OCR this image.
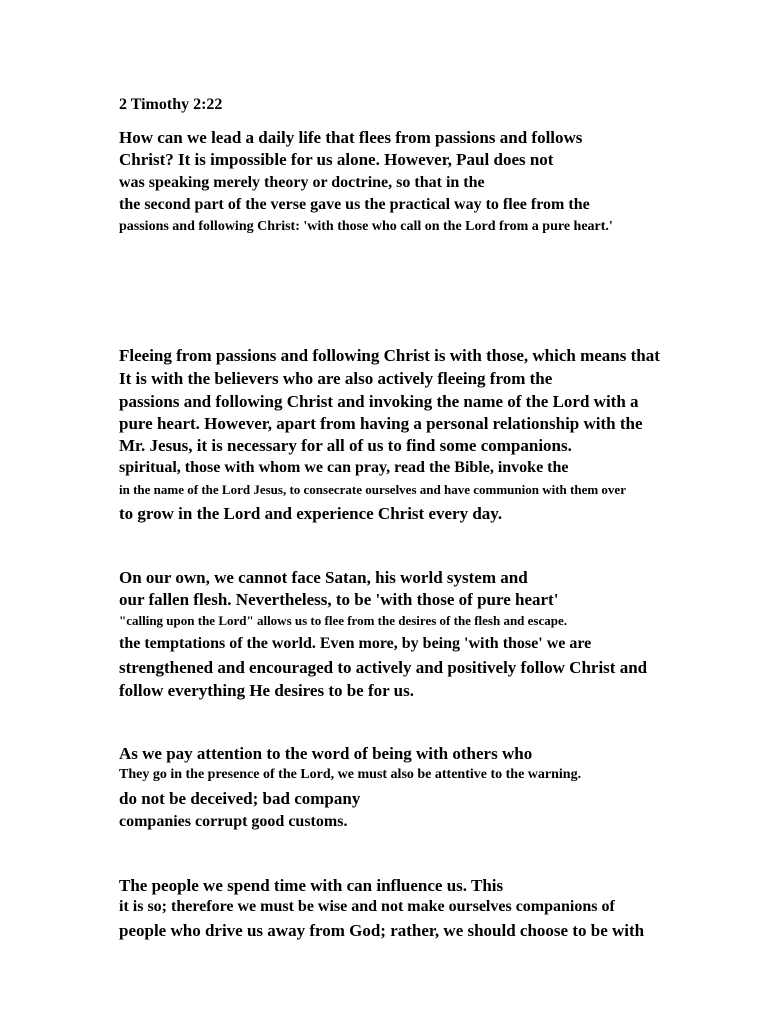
2 Timothy 2:22
How can we lead a daily life that flees from passions and follows
Christ? It is impossible for us alone. However, Paul does not
was speaking merely theory or doctrine, so that in the
the second part of the verse gave us the practical way to flee from the
passions and following Christ: 'with those who call on the Lord from a pure heart.'
Fleeing from passions and following Christ is with those, which means that
It is with the believers who are also actively fleeing from the
passions and following Christ and invoking the name of the Lord with a
pure heart. However, apart from having a personal relationship with the
Mr. Jesus, it is necessary for all of us to find some companions.
spiritual, those with whom we can pray, read the Bible, invoke the
in the name of the Lord Jesus, to consecrate ourselves and have communion with them over
to grow in the Lord and experience Christ every day.
On our own, we cannot face Satan, his world system and
our fallen flesh. Nevertheless, to be 'with those of pure heart'
"calling upon the Lord" allows us to flee from the desires of the flesh and escape.
the temptations of the world. Even more, by being 'with those' we are
strengthened and encouraged to actively and positively follow Christ and
follow everything He desires to be for us.
As we pay attention to the word of being with others who
They go in the presence of the Lord, we must also be attentive to the warning.
do not be deceived; bad company
companies corrupt good customs.
The people we spend time with can influence us. This
it is so; therefore we must be wise and not make ourselves companions of
people who drive us away from God; rather, we should choose to be with
